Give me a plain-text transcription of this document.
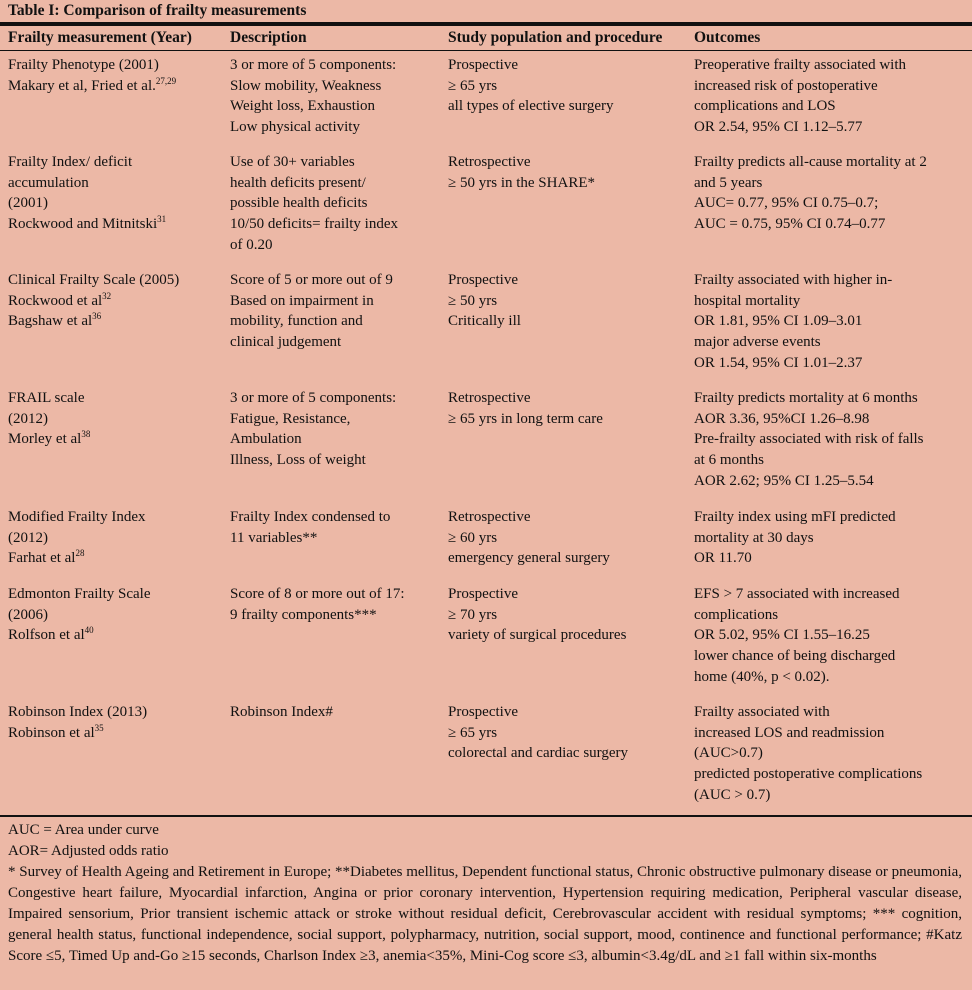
Table I: Comparison of frailty measurements
Frailty measurement (Year) Description	Study population and procedure Outcomes
Frailty Phenotype (2001)
Makary et al, Fried et al.$^{27,29}$
3 or more of 5 components:
Slow mobility, Weakness
Weight loss, Exhaustion
Low physical activity
Prospective
≥ 65 yrs
all types of elective surgery
Preoperative frailty associated with
increased risk of postoperative
complications and LOS
OR 2.54, 95% CI 1.12–5.77
Frailty Index/ deficit
accumulation
(2001)
Rockwood and Mitnitski$^{31}$
Use of 30+ variables
health deficits present/
possible health deficits
10/50 deficits= frailty index
of 0.20
Retrospective
≥ 50 yrs in the SHARE*
Frailty predicts all-cause mortality at 2
and 5 years
AUC= 0.77, 95% CI 0.75–0.7;
AUC = 0.75, 95% CI 0.74–0.77
Clinical Frailty Scale (2005)
Rockwood et $al^{32}$
Bagshaw et $al^{36}$
Score of 5 or more out of 9
Based on impairment in
mobility, function and
clinical judgement
Prospective
≥ 50 yrs
Critically ill
Frailty associated with higher in-
hospital mortality
OR 1.81, 95% CI 1.09–3.01
major adverse events
OR 1.54, 95% CI 1.01–2.37
FRAIL scale
(2012)
Morley et $al^{38}$
3 or more of 5 components:
Fatigue, Resistance,
Ambulation
Illness, Loss of weight
Retrospective
≥ 65 yrs in long term care
Frailty predicts mortality at 6 months
AOR 3.36, 95%CI 1.26–8.98
Pre-frailty associated with risk of falls
at 6 months
AOR 2.62; 95% CI 1.25–5.54
Modified Frailty Index
(2012)
Farhat et $al^{28}$
Frailty Index condensed to
11 variables**
Retrospective
≥ 60 yrs
emergency general surgery
Frailty index using mFI predicted
mortality at 30 days
OR 11.70
Edmonton Frailty Scale
(2006)
Rolfson et $al^{40}$
Score of 8 or more out of 17:
9 frailty components***
Prospective
≥ 70 yrs
variety of surgical procedures
EFS > 7 associated with increased
complications
OR 5.02, 95% CI 1.55–16.25
lower chance of being discharged
home (40%, p < 0.02).
Robinson Index (2013)
Robinson et $al^{35}$
Robinson Index#	Prospective
≥ 65 yrs
colorectal and cardiac surgery
Frailty associated with
increased LOS and readmission
(AUC>0.7)
predicted postoperative complications
(AUC > 0.7)
AUC = Area under curve
AOR= Adjusted odds ratio
* Survey of Health Ageing and Retirement in Europe; **Diabetes mellitus, Dependent functional status, Chronic obstructive pulmonary disease or pneumonia, Congestive heart failure, Myocardial infarction, Angina or prior coronary intervention, Hypertension requiring medication, Peripheral vascular disease, Impaired sensorium, Prior transient ischemic attack or stroke without residual deficit, Cerebrovascular accident with residual symptoms; *** cognition, general health status, functional independence, social support, polypharmacy, nutrition, social support, mood, continence and functional performance; #Katz Score ≤5, Timed Up and-Go ≥15 seconds, Charlson Index ≥3, anemia<35%, Mini-Cog score ≤3, albumin<3.4g/dL and ≥1 fall within six-months
